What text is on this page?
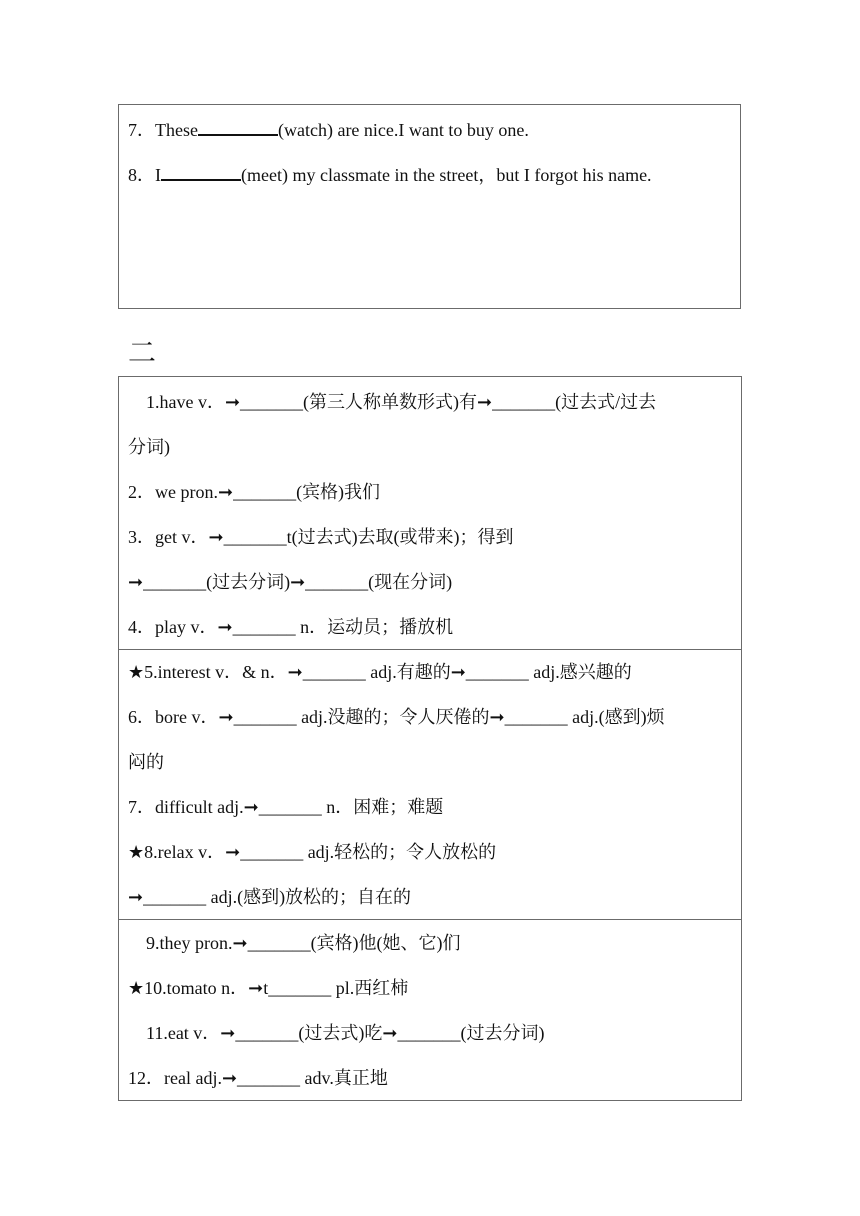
7．These	(watch) are nice.I want to buy one.
8．I	(meet) my classmate in the street，but I forgot his name.
二
1.have v．➞_______(第三人称单数形式)有➞_______(过去式/过去
分词)
2．we pron.➞_______(宾格)我们
3．get v．➞_______t(过去式)去取(或带来)；得到
➞_______(过去分词)➞_______(现在分词)
4．play v．➞_______ n．运动员；播放机
★5.interest v．& n．➞_______ adj.有趣的➞_______ adj.感兴趣的
6．bore v．➞_______ adj.没趣的；令人厌倦的➞_______ adj.(感到)烦
闷的
7．difficult adj.➞_______ n．困难；难题
★8.relax v．➞_______ adj.轻松的；令人放松的
➞_______ adj.(感到)放松的；自在的
9.they pron.➞_______(宾格)他(她、它)们
★10.tomato n．➞t_______ pl.西红柿
11.eat v．➞_______(过去式)吃➞_______(过去分词)
12．real adj.➞_______ adv.真正地
